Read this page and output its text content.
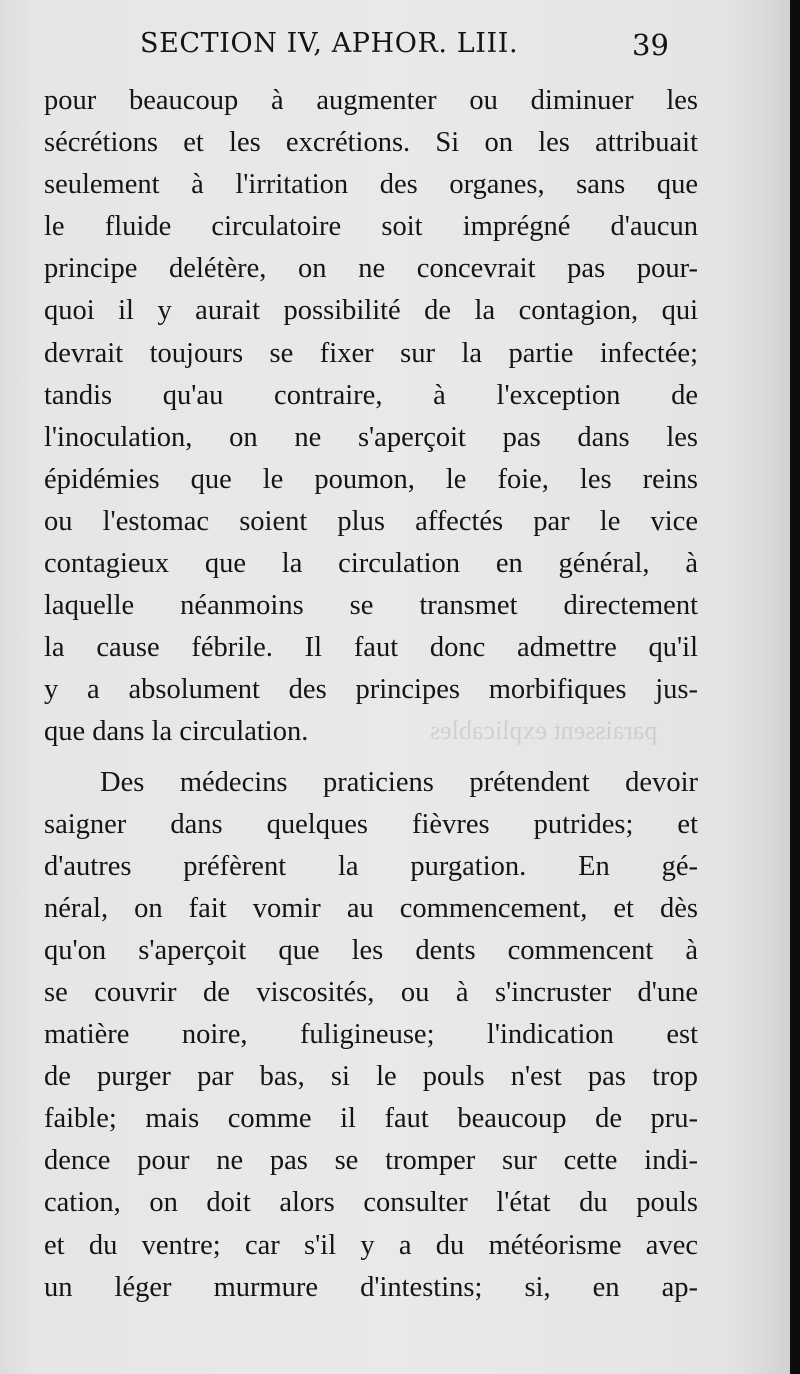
paraissent explicables
SECTION IV, APHOR. LIII.	39
pour beaucoup à augmenter ou diminuer les
sécrétions et les excrétions. Si on les attribuait
seulement à l'irritation des organes, sans que
le fluide circulatoire soit imprégné d'aucun
principe delétère, on ne concevrait pas pour-
quoi il y aurait possibilité de la contagion, qui
devrait toujours se fixer sur la partie infectée;
tandis qu'au contraire, à l'exception de
l'inoculation, on ne s'aperçoit pas dans les
épidémies que le poumon, le foie, les reins
ou l'estomac soient plus affectés par le vice
contagieux que la circulation en général, à
laquelle néanmoins se transmet directement
la cause fébrile. Il faut donc admettre qu'il
y a absolument des principes morbifiques jus-
que dans la circulation.
Des médecins praticiens prétendent devoir
saigner dans quelques fièvres putrides; et
d'autres préfèrent la purgation. En gé-
néral, on fait vomir au commencement, et dès
qu'on s'aperçoit que les dents commencent à
se couvrir de viscosités, ou à s'incruster d'une
matière noire, fuligineuse; l'indication est
de purger par bas, si le pouls n'est pas trop
faible; mais comme il faut beaucoup de pru-
dence pour ne pas se tromper sur cette indi-
cation, on doit alors consulter l'état du pouls
et du ventre; car s'il y a du météorisme avec
un léger murmure d'intestins; si, en ap-
